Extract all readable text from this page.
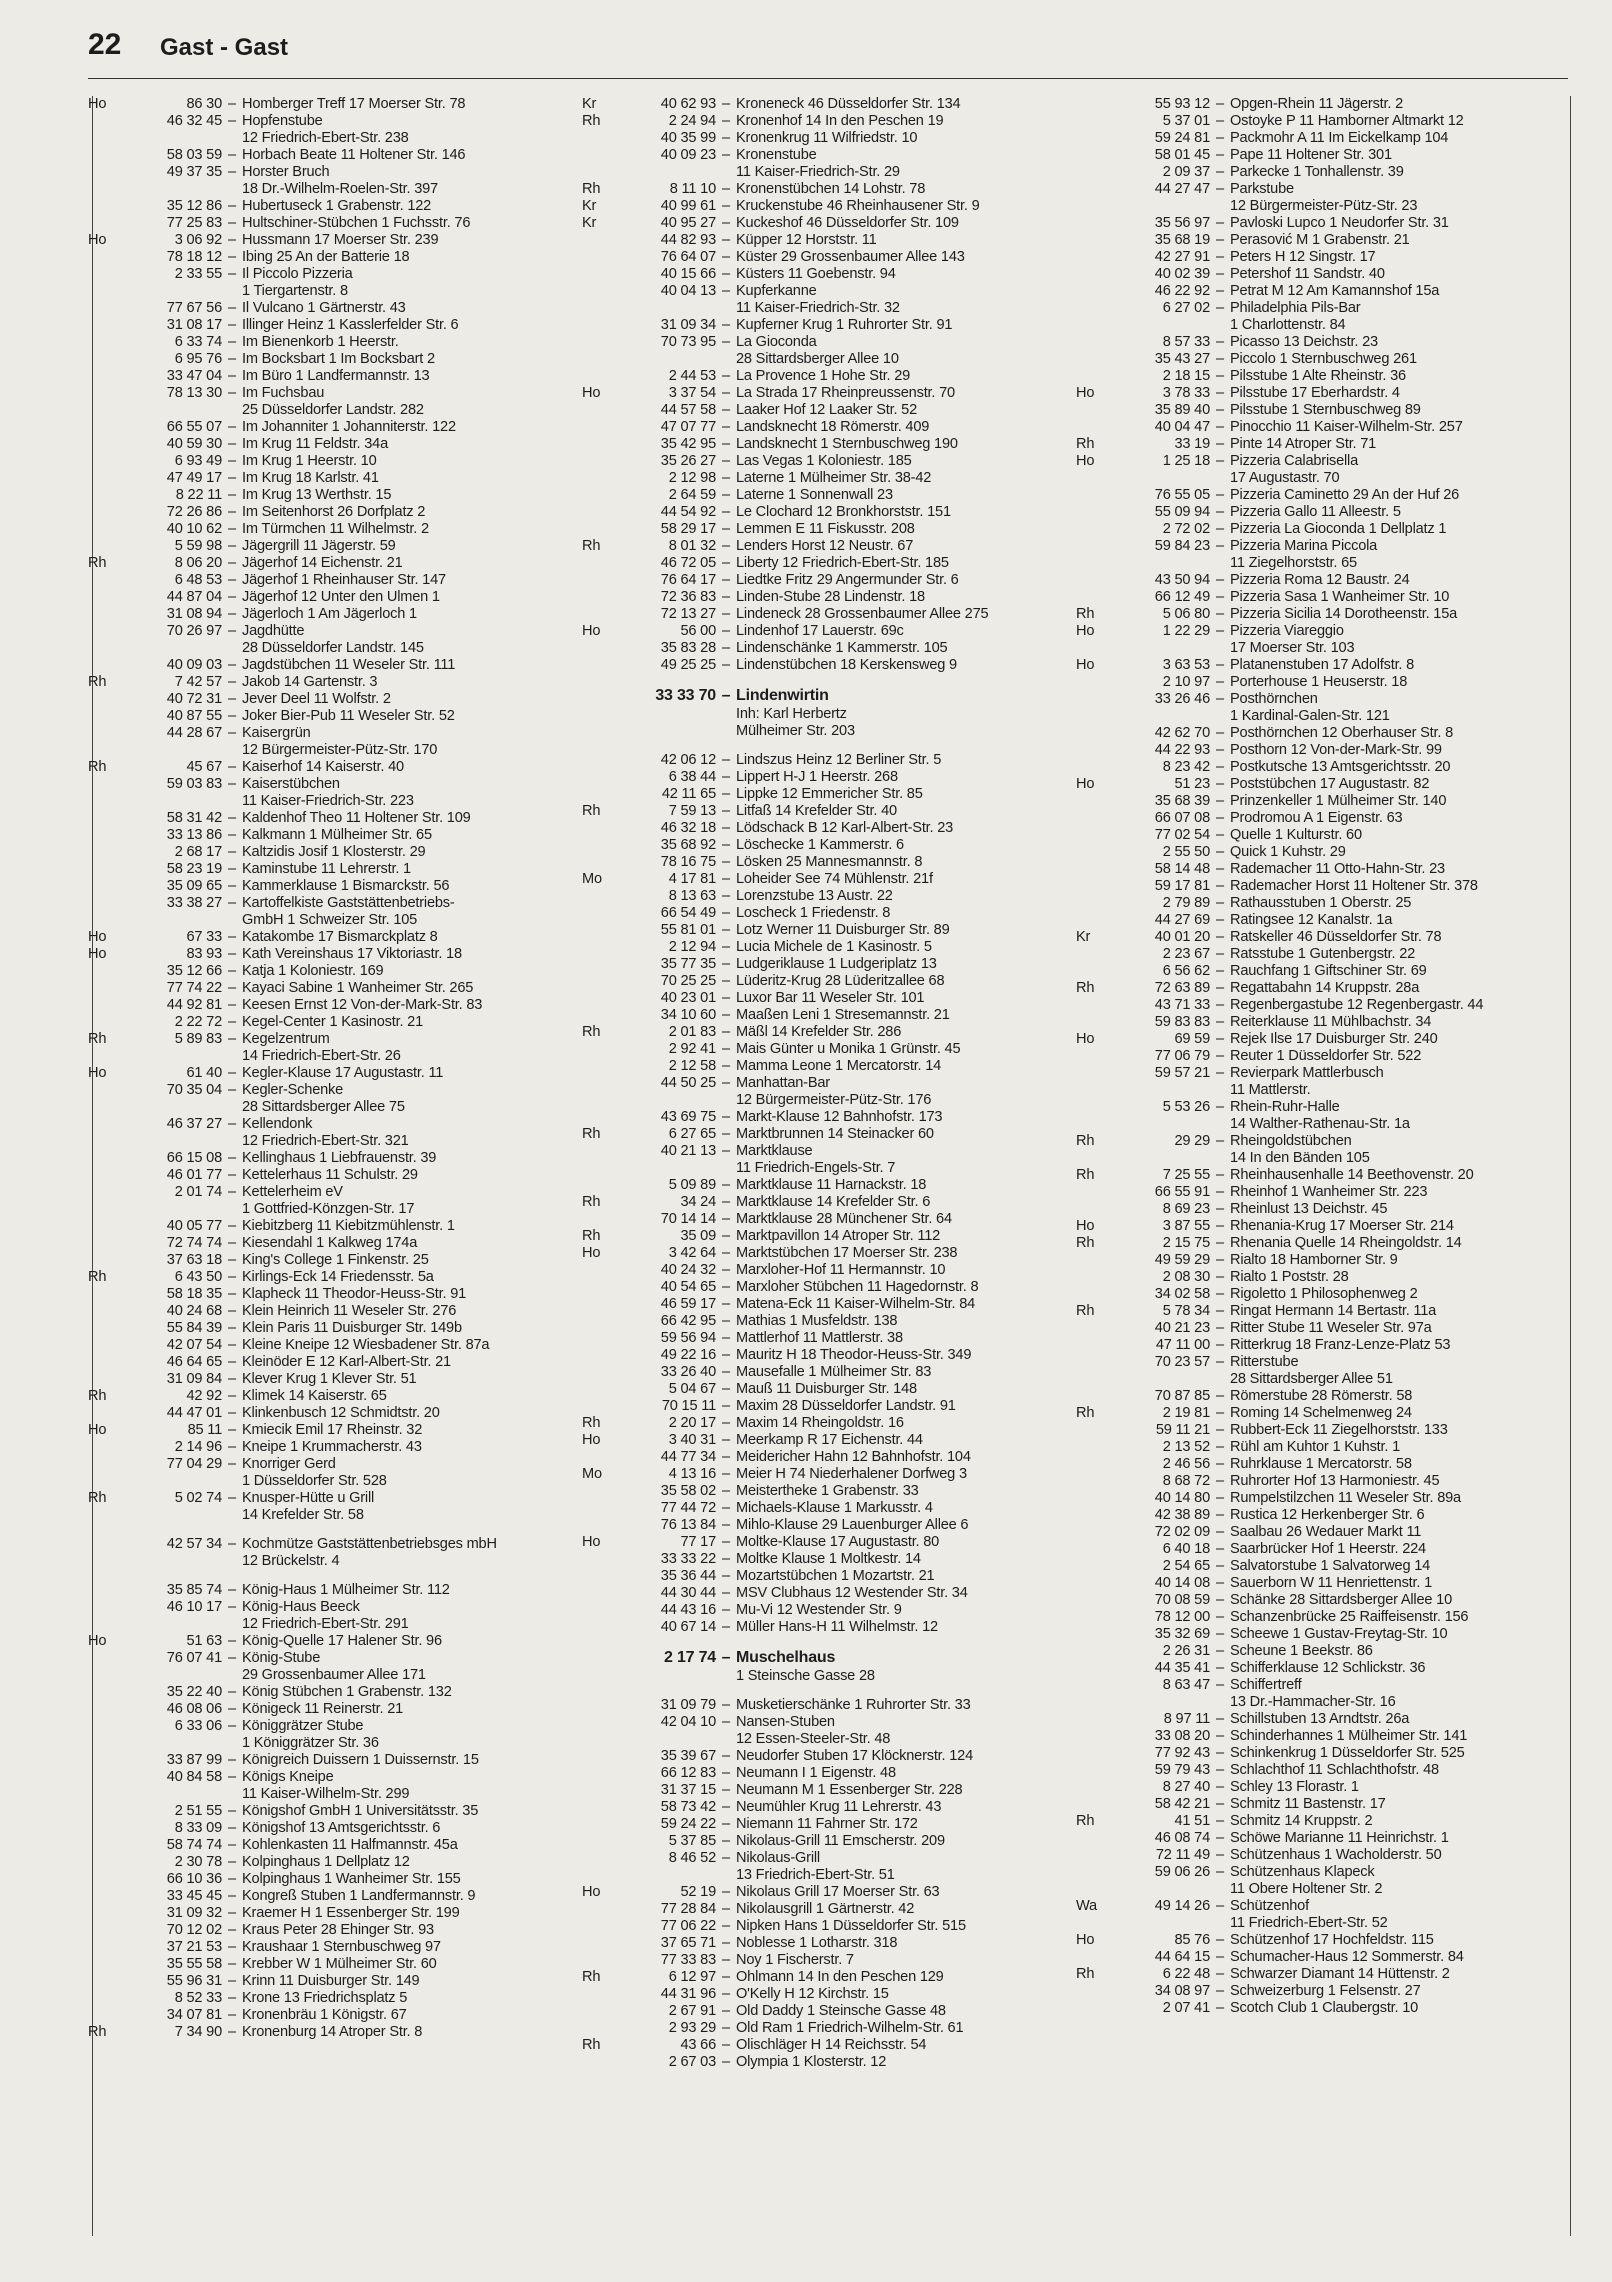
22 Gast - Gast
Ho	86 30 – Homberger Treff 17 Moerser Str. 78
46 32 45 – Hopfenstube
12 Friedrich-Ebert-Str. 238
58 03 59 – Horbach Beate 11 Holtener Str. 146
49 37 35 – Horster Bruch
18 Dr.-Wilhelm-Roelen-Str. 397
35 12 86 – Hubertuseck 1 Grabenstr. 122
77 25 83 – Hultschiner-Stübchen 1 Fuchsstr. 76
Ho	3 06 92 – Hussmann 17 Moerser Str. 239
78 18 12 – Ibing 25 An der Batterie 18
2 33 55 – Il Piccolo Pizzeria
1 Tiergartenstr. 8
77 67 56 – Il Vulcano 1 Gärtnerstr. 43
31 08 17 – Illinger Heinz 1 Kasslerfelder Str. 6
6 33 74 – Im Bienenkorb 1 Heerstr.
6 95 76 – Im Bocksbart 1 Im Bocksbart 2
33 47 04 – Im Büro 1 Landfermannstr. 13
78 13 30 – Im Fuchsbau
25 Düsseldorfer Landstr. 282
66 55 07 – Im Johanniter 1 Johanniterstr. 122
40 59 30 – Im Krug 11 Feldstr. 34a
6 93 49 – Im Krug 1 Heerstr. 10
47 49 17 – Im Krug 18 Karlstr. 41
8 22 11 – Im Krug 13 Werthstr. 15
72 26 86 – Im Seitenhorst 26 Dorfplatz 2
40 10 62 – Im Türmchen 11 Wilhelmstr. 2
5 59 98 – Jägergrill 11 Jägerstr. 59
Rh	8 06 20 – Jägerhof 14 Eichenstr. 21
6 48 53 – Jägerhof 1 Rheinhauser Str. 147
44 87 04 – Jägerhof 12 Unter den Ulmen 1
31 08 94 – Jägerloch 1 Am Jägerloch 1
70 26 97 – Jagdhütte
28 Düsseldorfer Landstr. 145
40 09 03 – Jagdstübchen 11 Weseler Str. 111
Rh	7 42 57 – Jakob 14 Gartenstr. 3
40 72 31 – Jever Deel 11 Wolfstr. 2
40 87 55 – Joker Bier-Pub 11 Weseler Str. 52
44 28 67 – Kaisergrün
12 Bürgermeister-Pütz-Str. 170
Rh	45 67 – Kaiserhof 14 Kaiserstr. 40
59 03 83 – Kaiserstübchen
11 Kaiser-Friedrich-Str. 223
58 31 42 – Kaldenhof Theo 11 Holtener Str. 109
33 13 86 – Kalkmann 1 Mülheimer Str. 65
2 68 17 – Kaltzidis Josif 1 Klosterstr. 29
58 23 19 – Kaminstube 11 Lehrerstr. 1
35 09 65 – Kammerklause 1 Bismarckstr. 56
33 38 27 – Kartoffelkiste Gaststättenbetriebs-
GmbH 1 Schweizer Str. 105
Ho	67 33 – Katakombe 17 Bismarckplatz 8
Ho	83 93 – Kath Vereinshaus 17 Viktoriastr. 18
35 12 66 – Katja 1 Koloniestr. 169
77 74 22 – Kayaci Sabine 1 Wanheimer Str. 265
44 92 81 – Keesen Ernst 12 Von-der-Mark-Str. 83
2 22 72 – Kegel-Center 1 Kasinostr. 21
Rh	5 89 83 – Kegelzentrum
14 Friedrich-Ebert-Str. 26
Ho	61 40 – Kegler-Klause 17 Augustastr. 11
70 35 04 – Kegler-Schenke
28 Sittardsberger Allee 75
46 37 27 – Kellendonk
12 Friedrich-Ebert-Str. 321
66 15 08 – Kellinghaus 1 Liebfrauenstr. 39
46 01 77 – Kettelerhaus 11 Schulstr. 29
2 01 74 – Kettelerheim eV
1 Gottfried-Könzgen-Str. 17
40 05 77 – Kiebitzberg 11 Kiebitzmühlenstr. 1
72 74 74 – Kiesendahl 1 Kalkweg 174a
37 63 18 – King's College 1 Finkenstr. 25
Rh	6 43 50 – Kirlings-Eck 14 Friedensstr. 5a
58 18 35 – Klapheck 11 Theodor-Heuss-Str. 91
40 24 68 – Klein Heinrich 11 Weseler Str. 276
55 84 39 – Klein Paris 11 Duisburger Str. 149b
42 07 54 – Kleine Kneipe 12 Wiesbadener Str. 87a
46 64 65 – Kleinöder E 12 Karl-Albert-Str. 21
31 09 84 – Klever Krug 1 Klever Str. 51
Rh	42 92 – Klimek 14 Kaiserstr. 65
44 47 01 – Klinkenbusch 12 Schmidtstr. 20
Ho	85 11 – Kmiecik Emil 17 Rheinstr. 32
2 14 96 – Kneipe 1 Krummacherstr. 43
77 04 29 – Knorriger Gerd
1 Düsseldorfer Str. 528
Rh	5 02 74 – Knusper-Hütte u Grill
14 Krefelder Str. 58
42 57 34 – Kochmütze Gaststättenbetriebsges mbH
12 Brückelstr. 4
35 85 74 – König-Haus 1 Mülheimer Str. 112
46 10 17 – König-Haus Beeck
12 Friedrich-Ebert-Str. 291
Ho	51 63 – König-Quelle 17 Halener Str. 96
76 07 41 – König-Stube
29 Grossenbaumer Allee 171
35 22 40 – König Stübchen 1 Grabenstr. 132
46 08 06 – Königeck 11 Reinerstr. 21
6 33 06 – Königgrätzer Stube
1 Königgrätzer Str. 36
33 87 99 – Königreich Duissern 1 Duissernstr. 15
40 84 58 – Königs Kneipe
11 Kaiser-Wilhelm-Str. 299
2 51 55 – Königshof GmbH 1 Universitätsstr. 35
8 33 09 – Königshof 13 Amtsgerichtsstr. 6
58 74 74 – Kohlenkasten 11 Halfmannstr. 45a
2 30 78 – Kolpinghaus 1 Dellplatz 12
66 10 36 – Kolpinghaus 1 Wanheimer Str. 155
33 45 45 – Kongreß Stuben 1 Landfermannstr. 9
31 09 32 – Kraemer H 1 Essenberger Str. 199
70 12 02 – Kraus Peter 28 Ehinger Str. 93
37 21 53 – Kraushaar 1 Sternbuschweg 97
35 55 58 – Krebber W 1 Mülheimer Str. 60
55 96 31 – Krinn 11 Duisburger Str. 149
8 52 33 – Krone 13 Friedrichsplatz 5
34 07 81 – Kronenbräu 1 Königstr. 67
Rh	7 34 90 – Kronenburg 14 Atroper Str. 8
Kr	40 62 93 – Kroneneck 46 Düsseldorfer Str. 134
Rh	2 24 94 – Kronenhof 14 In den Peschen 19
40 35 99 – Kronenkrug 11 Wilfriedstr. 10
40 09 23 – Kronenstube
11 Kaiser-Friedrich-Str. 29
Rh	8 11 10 – Kronenstübchen 14 Lohstr. 78
Kr	40 99 61 – Kruckenstube 46 Rheinhausener Str. 9
Kr	40 95 27 – Kuckeshof 46 Düsseldorfer Str. 109
44 82 93 – Küpper 12 Horststr. 11
76 64 07 – Küster 29 Grossenbaumer Allee 143
40 15 66 – Küsters 11 Goebenstr. 94
40 04 13 – Kupferkanne
11 Kaiser-Friedrich-Str. 32
31 09 34 – Kupferner Krug 1 Ruhrorter Str. 91
70 73 95 – La Gioconda
28 Sittardsberger Allee 10
2 44 53 – La Provence 1 Hohe Str. 29
Ho	3 37 54 – La Strada 17 Rheinpreussenstr. 70
44 57 58 – Laaker Hof 12 Laaker Str. 52
47 07 77 – Landsknecht 18 Römerstr. 409
35 42 95 – Landsknecht 1 Sternbuschweg 190
35 26 27 – Las Vegas 1 Koloniestr. 185
2 12 98 – Laterne 1 Mülheimer Str. 38-42
2 64 59 – Laterne 1 Sonnenwall 23
44 54 92 – Le Clochard 12 Bronkhorststr. 151
58 29 17 – Lemmen E 11 Fiskusstr. 208
Rh	8 01 32 – Lenders Horst 12 Neustr. 67
46 72 05 – Liberty 12 Friedrich-Ebert-Str. 185
76 64 17 – Liedtke Fritz 29 Angermunder Str. 6
72 36 83 – Linden-Stube 28 Lindenstr. 18
72 13 27 – Lindeneck 28 Grossenbaumer Allee 275
Ho	56 00 – Lindenhof 17 Lauerstr. 69c
35 83 28 – Lindenschänke 1 Kammerstr. 105
49 25 25 – Lindenstübchen 18 Kerskensweg 9
33 33 70 – Lindenwirtin
Inh: Karl Herbertz
Mülheimer Str. 203
42 06 12 – Lindszus Heinz 12 Berliner Str. 5
6 38 44 – Lippert H-J 1 Heerstr. 268
42 11 65 – Lippke 12 Emmericher Str. 85
Rh	7 59 13 – Litfaß 14 Krefelder Str. 40
46 32 18 – Lödschack B 12 Karl-Albert-Str. 23
35 68 92 – Löschecke 1 Kammerstr. 6
78 16 75 – Lösken 25 Mannesmannstr. 8
Mo	4 17 81 – Loheider See 74 Mühlenstr. 21f
8 13 63 – Lorenzstube 13 Austr. 22
66 54 49 – Loscheck 1 Friedenstr. 8
55 81 01 – Lotz Werner 11 Duisburger Str. 89
2 12 94 – Lucia Michele de 1 Kasinostr. 5
35 77 35 – Ludgeriklause 1 Ludgeriplatz 13
70 25 25 – Lüderitz-Krug 28 Lüderitzallee 68
40 23 01 – Luxor Bar 11 Weseler Str. 101
34 10 60 – Maaßen Leni 1 Stresemannstr. 21
Rh	2 01 83 – Mäßl 14 Krefelder Str. 286
2 92 41 – Mais Günter u Monika 1 Grünstr. 45
2 12 58 – Mamma Leone 1 Mercatorstr. 14
44 50 25 – Manhattan-Bar
12 Bürgermeister-Pütz-Str. 176
43 69 75 – Markt-Klause 12 Bahnhofstr. 173
Rh	6 27 65 – Marktbrunnen 14 Steinacker 60
40 21 13 – Marktklause
11 Friedrich-Engels-Str. 7
5 09 89 – Marktklause 11 Harnackstr. 18
Rh	34 24 – Marktklause 14 Krefelder Str. 6
70 14 14 – Marktklause 28 Münchener Str. 64
Rh	35 09 – Marktpavillon 14 Atroper Str. 112
Ho	3 42 64 – Marktstübchen 17 Moerser Str. 238
40 24 32 – Marxloher-Hof 11 Hermannstr. 10
40 54 65 – Marxloher Stübchen 11 Hagedornstr. 8
46 59 17 – Matena-Eck 11 Kaiser-Wilhelm-Str. 84
66 42 95 – Mathias 1 Musfeldstr. 138
59 56 94 – Mattlerhof 11 Mattlerstr. 38
49 22 16 – Mauritz H 18 Theodor-Heuss-Str. 349
33 26 40 – Mausefalle 1 Mülheimer Str. 83
5 04 67 – Mauß 11 Duisburger Str. 148
70 15 11 – Maxim 28 Düsseldorfer Landstr. 91
Rh	2 20 17 – Maxim 14 Rheingoldstr. 16
Ho	3 40 31 – Meerkamp R 17 Eichenstr. 44
44 77 34 – Meidericher Hahn 12 Bahnhofstr. 104
Mo	4 13 16 – Meier H 74 Niederhalener Dorfweg 3
35 58 02 – Meistertheke 1 Grabenstr. 33
77 44 72 – Michaels-Klause 1 Markusstr. 4
76 13 84 – Mihlo-Klause 29 Lauenburger Allee 6
Ho	77 17 – Moltke-Klause 17 Augustastr. 80
33 33 22 – Moltke Klause 1 Moltkestr. 14
35 36 44 – Mozartstübchen 1 Mozartstr. 21
44 30 44 – MSV Clubhaus 12 Westender Str. 34
44 43 16 – Mu-Vi 12 Westender Str. 9
40 67 14 – Müller Hans-H 11 Wilhelmstr. 12
2 17 74 – Muschelhaus
1 Steinsche Gasse 28
31 09 79 – Musketierschänke 1 Ruhrorter Str. 33
42 04 10 – Nansen-Stuben
12 Essen-Steeler-Str. 48
35 39 67 – Neudorfer Stuben 17 Klöcknerstr. 124
66 12 83 – Neumann I 1 Eigenstr. 48
31 37 15 – Neumann M 1 Essenberger Str. 228
58 73 42 – Neumühler Krug 11 Lehrerstr. 43
59 24 22 – Niemann 11 Fahrner Str. 172
5 37 85 – Nikolaus-Grill 11 Emscherstr. 209
8 46 52 – Nikolaus-Grill
13 Friedrich-Ebert-Str. 51
Ho	52 19 – Nikolaus Grill 17 Moerser Str. 63
77 28 84 – Nikolausgrill 1 Gärtnerstr. 42
77 06 22 – Nipken Hans 1 Düsseldorfer Str. 515
37 65 71 – Noblesse 1 Lotharstr. 318
77 33 83 – Noy 1 Fischerstr. 7
Rh	6 12 97 – Ohlmann 14 In den Peschen 129
44 31 96 – O'Kelly H 12 Kirchstr. 15
2 67 91 – Old Daddy 1 Steinsche Gasse 48
2 93 29 – Old Ram 1 Friedrich-Wilhelm-Str. 61
Rh	43 66 – Olischläger H 14 Reichsstr. 54
2 67 03 – Olympia 1 Klosterstr. 12
55 93 12 – Opgen-Rhein 11 Jägerstr. 2
5 37 01 – Ostoyke P 11 Hamborner Altmarkt 12
59 24 81 – Packmohr A 11 Im Eickelkamp 104
58 01 45 – Pape 11 Holtener Str. 301
2 09 37 – Parkecke 1 Tonhallenstr. 39
44 27 47 – Parkstube
12 Bürgermeister-Pütz-Str. 23
35 56 97 – Pavloski Lupco 1 Neudorfer Str. 31
35 68 19 – Perasović M 1 Grabenstr. 21
42 27 91 – Peters H 12 Singstr. 17
40 02 39 – Petershof 11 Sandstr. 40
46 22 92 – Petrat M 12 Am Kamannshof 15a
6 27 02 – Philadelphia Pils-Bar
1 Charlottenstr. 84
8 57 33 – Picasso 13 Deichstr. 23
35 43 27 – Piccolo 1 Sternbuschweg 261
2 18 15 – Pilsstube 1 Alte Rheinstr. 36
Ho	3 78 33 – Pilsstube 17 Eberhardstr. 4
35 89 40 – Pilsstube 1 Sternbuschweg 89
40 04 47 – Pinocchio 11 Kaiser-Wilhelm-Str. 257
Rh	33 19 – Pinte 14 Atroper Str. 71
Ho	1 25 18 – Pizzeria Calabrisella
17 Augustastr. 70
76 55 05 – Pizzeria Caminetto 29 An der Huf 26
55 09 94 – Pizzeria Gallo 11 Alleestr. 5
2 72 02 – Pizzeria La Gioconda 1 Dellplatz 1
59 84 23 – Pizzeria Marina Piccola
11 Ziegelhorststr. 65
43 50 94 – Pizzeria Roma 12 Baustr. 24
66 12 49 – Pizzeria Sasa 1 Wanheimer Str. 10
Rh	5 06 80 – Pizzeria Sicilia 14 Dorotheenstr. 15a
Ho	1 22 29 – Pizzeria Viareggio
17 Moerser Str. 103
Ho	3 63 53 – Platanenstuben 17 Adolfstr. 8
2 10 97 – Porterhouse 1 Heuserstr. 18
33 26 46 – Posthörnchen
1 Kardinal-Galen-Str. 121
42 62 70 – Posthörnchen 12 Oberhauser Str. 8
44 22 93 – Posthorn 12 Von-der-Mark-Str. 99
8 23 42 – Postkutsche 13 Amtsgerichtsstr. 20
Ho	51 23 – Poststübchen 17 Augustastr. 82
35 68 39 – Prinzenkeller 1 Mülheimer Str. 140
66 07 08 – Prodromou A 1 Eigenstr. 63
77 02 54 – Quelle 1 Kulturstr. 60
2 55 50 – Quick 1 Kuhstr. 29
58 14 48 – Rademacher 11 Otto-Hahn-Str. 23
59 17 81 – Rademacher Horst 11 Holtener Str. 378
2 79 89 – Rathausstuben 1 Oberstr. 25
44 27 69 – Ratingsee 12 Kanalstr. 1a
Kr	40 01 20 – Ratskeller 46 Düsseldorfer Str. 78
2 23 67 – Ratsstube 1 Gutenbergstr. 22
6 56 62 – Rauchfang 1 Giftschiner Str. 69
Rh	72 63 89 – Regattabahn 14 Kruppstr. 28a
43 71 33 – Regenbergastube 12 Regenbergastr. 44
59 83 83 – Reiterklause 11 Mühlbachstr. 34
Ho	69 59 – Rejek Ilse 17 Duisburger Str. 240
77 06 79 – Reuter 1 Düsseldorfer Str. 522
59 57 21 – Revierpark Mattlerbusch
11 Mattlerstr.
5 53 26 – Rhein-Ruhr-Halle
14 Walther-Rathenau-Str. 1a
Rh	29 29 – Rheingoldstübchen
14 In den Bänden 105
Rh	7 25 55 – Rheinhausenhalle 14 Beethovenstr. 20
66 55 91 – Rheinhof 1 Wanheimer Str. 223
8 69 23 – Rheinlust 13 Deichstr. 45
Ho	3 87 55 – Rhenania-Krug 17 Moerser Str. 214
Rh	2 15 75 – Rhenania Quelle 14 Rheingoldstr. 14
49 59 29 – Rialto 18 Hamborner Str. 9
2 08 30 – Rialto 1 Poststr. 28
34 02 58 – Rigoletto 1 Philosophenweg 2
Rh	5 78 34 – Ringat Hermann 14 Bertastr. 11a
40 21 23 – Ritter Stube 11 Weseler Str. 97a
47 11 00 – Ritterkrug 18 Franz-Lenze-Platz 53
70 23 57 – Ritterstube
28 Sittardsberger Allee 51
70 87 85 – Römerstube 28 Römerstr. 58
Rh	2 19 81 – Roming 14 Schelmenweg 24
59 11 21 – Rubbert-Eck 11 Ziegelhorststr. 133
2 13 52 – Rühl am Kuhtor 1 Kuhstr. 1
2 46 56 – Ruhrklause 1 Mercatorstr. 58
8 68 72 – Ruhrorter Hof 13 Harmoniestr. 45
40 14 80 – Rumpelstilzchen 11 Weseler Str. 89a
42 38 89 – Rustica 12 Herkenberger Str. 6
72 02 09 – Saalbau 26 Wedauer Markt 11
6 40 18 – Saarbrücker Hof 1 Heerstr. 224
2 54 65 – Salvatorstube 1 Salvatorweg 14
40 14 08 – Sauerborn W 11 Henriettenstr. 1
70 08 59 – Schänke 28 Sittardsberger Allee 10
78 12 00 – Schanzenbrücke 25 Raiffeisenstr. 156
35 32 69 – Scheewe 1 Gustav-Freytag-Str. 10
2 26 31 – Scheune 1 Beekstr. 86
44 35 41 – Schifferklause 12 Schlickstr. 36
8 63 47 – Schiffertreff
13 Dr.-Hammacher-Str. 16
8 97 11 – Schillstuben 13 Arndtstr. 26a
33 08 20 – Schinderhannes 1 Mülheimer Str. 141
77 92 43 – Schinkenkrug 1 Düsseldorfer Str. 525
59 79 43 – Schlachthof 11 Schlachthofstr. 48
8 27 40 – Schley 13 Florastr. 1
58 42 21 – Schmitz 11 Bastenstr. 17
Rh	41 51 – Schmitz 14 Kruppstr. 2
46 08 74 – Schöwe Marianne 11 Heinrichstr. 1
72 11 49 – Schützenhaus 1 Wacholderstr. 50
59 06 26 – Schützenhaus Klapeck
11 Obere Holtener Str. 2
Wa	49 14 26 – Schützenhof
11 Friedrich-Ebert-Str. 52
Ho	85 76 – Schützenhof 17 Hochfeldstr. 115
44 64 15 – Schumacher-Haus 12 Sommerstr. 84
Rh	6 22 48 – Schwarzer Diamant 14 Hüttenstr. 2
34 08 97 – Schweizerburg 1 Felsenstr. 27
2 07 41 – Scotch Club 1 Claubergstr. 10
